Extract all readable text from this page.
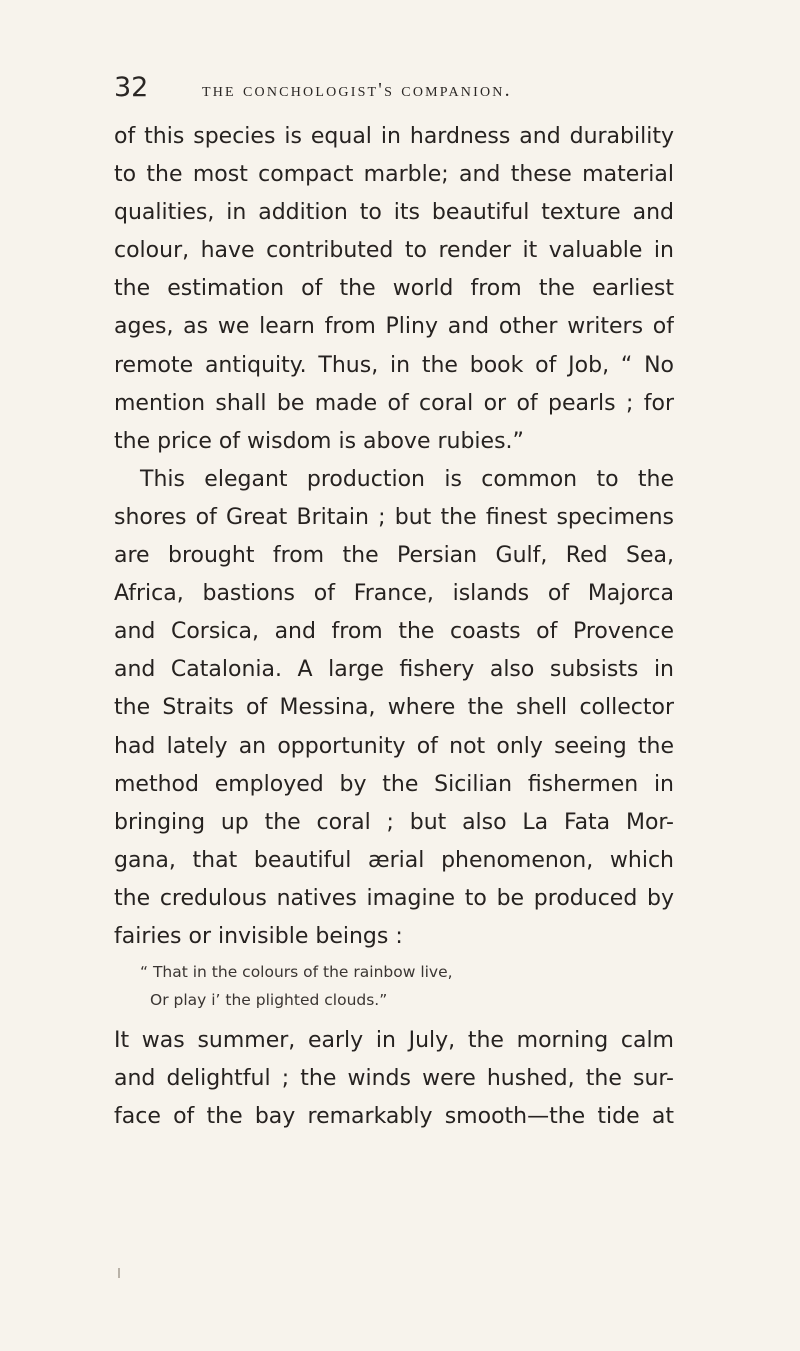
32	the conchologist's companion.
of this species is equal in hardness and durability
to the most compact marble; and these material
qualities, in addition to its beautiful texture and
colour, have contributed to render it valuable in
the estimation of the world from the earliest
ages, as we learn from Pliny and other writers of
remote antiquity. Thus, in the book of Job, “ No
mention shall be made of coral or of pearls ; for
the price of wisdom is above rubies.”
This elegant production is common to the
shores of Great Britain ; but the finest specimens
are brought from the Persian Gulf, Red Sea,
Africa, bastions of France, islands of Majorca
and Corsica, and from the coasts of Provence
and Catalonia. A large fishery also subsists in
the Straits of Messina, where the shell collector
had lately an opportunity of not only seeing the
method employed by the Sicilian fishermen in
bringing up the coral ; but also La Fata Mor-
gana, that beautiful ærial phenomenon, which
the credulous natives imagine to be produced by
fairies or invisible beings :
“ That in the colours of the rainbow live,
Or play i’ the plighted clouds.”
It was summer, early in July, the morning calm
and delightful ; the winds were hushed, the sur-
face of the bay remarkably smooth—the tide at
